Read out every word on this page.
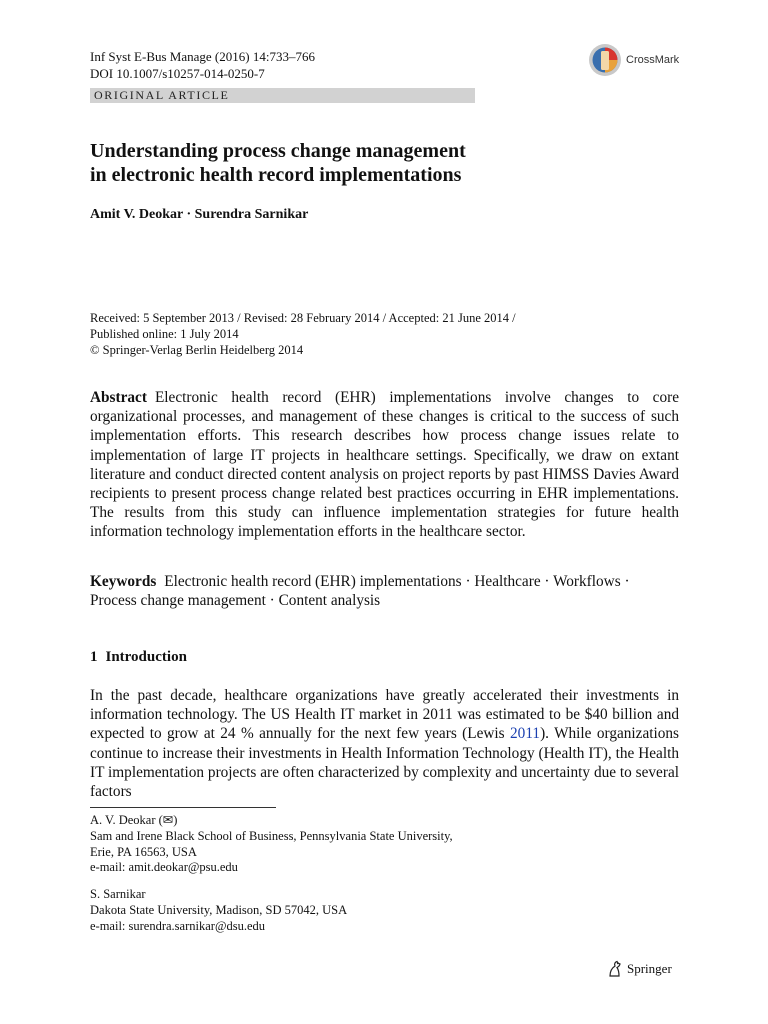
Inf Syst E-Bus Manage (2016) 14:733–766
DOI 10.1007/s10257-014-0250-7
CrossMark
ORIGINAL ARTICLE
Understanding process change management
in electronic health record implementations
Amit V. Deokar · Surendra Sarnikar
Received: 5 September 2013 / Revised: 28 February 2014 / Accepted: 21 June 2014 /
Published online: 1 July 2014
© Springer-Verlag Berlin Heidelberg 2014

Abstract Electronic health record (EHR) implementations involve changes to core organizational processes, and management of these changes is critical to the success of such implementation efforts. This research describes how process change issues relate to implementation of large IT projects in healthcare settings. Specifically, we draw on extant literature and conduct directed content analysis on project reports by past HIMSS Davies Award recipients to present process change related best practices occurring in EHR implementations. The results from this study can influence implementation strategies for future health information technology implementation efforts in the healthcare sector.

Keywords Electronic health record (EHR) implementations · Healthcare · Workflows · Process change management · Content analysis

1 Introduction

In the past decade, healthcare organizations have greatly accelerated their investments in information technology. The US Health IT market in 2011 was estimated to be $40 billion and expected to grow at 24 % annually for the next few years (Lewis 2011). While organizations continue to increase their investments in Health Information Technology (Health IT), the Health IT implementation projects are often characterized by complexity and uncertainty due to several factors

A. V. Deokar (✉)
Sam and Irene Black School of Business, Pennsylvania State University,
Erie, PA 16563, USA
e-mail: amit.deokar@psu.edu
S. Sarnikar
Dakota State University, Madison, SD 57042, USA
e-mail: surendra.sarnikar@dsu.edu
Springer
